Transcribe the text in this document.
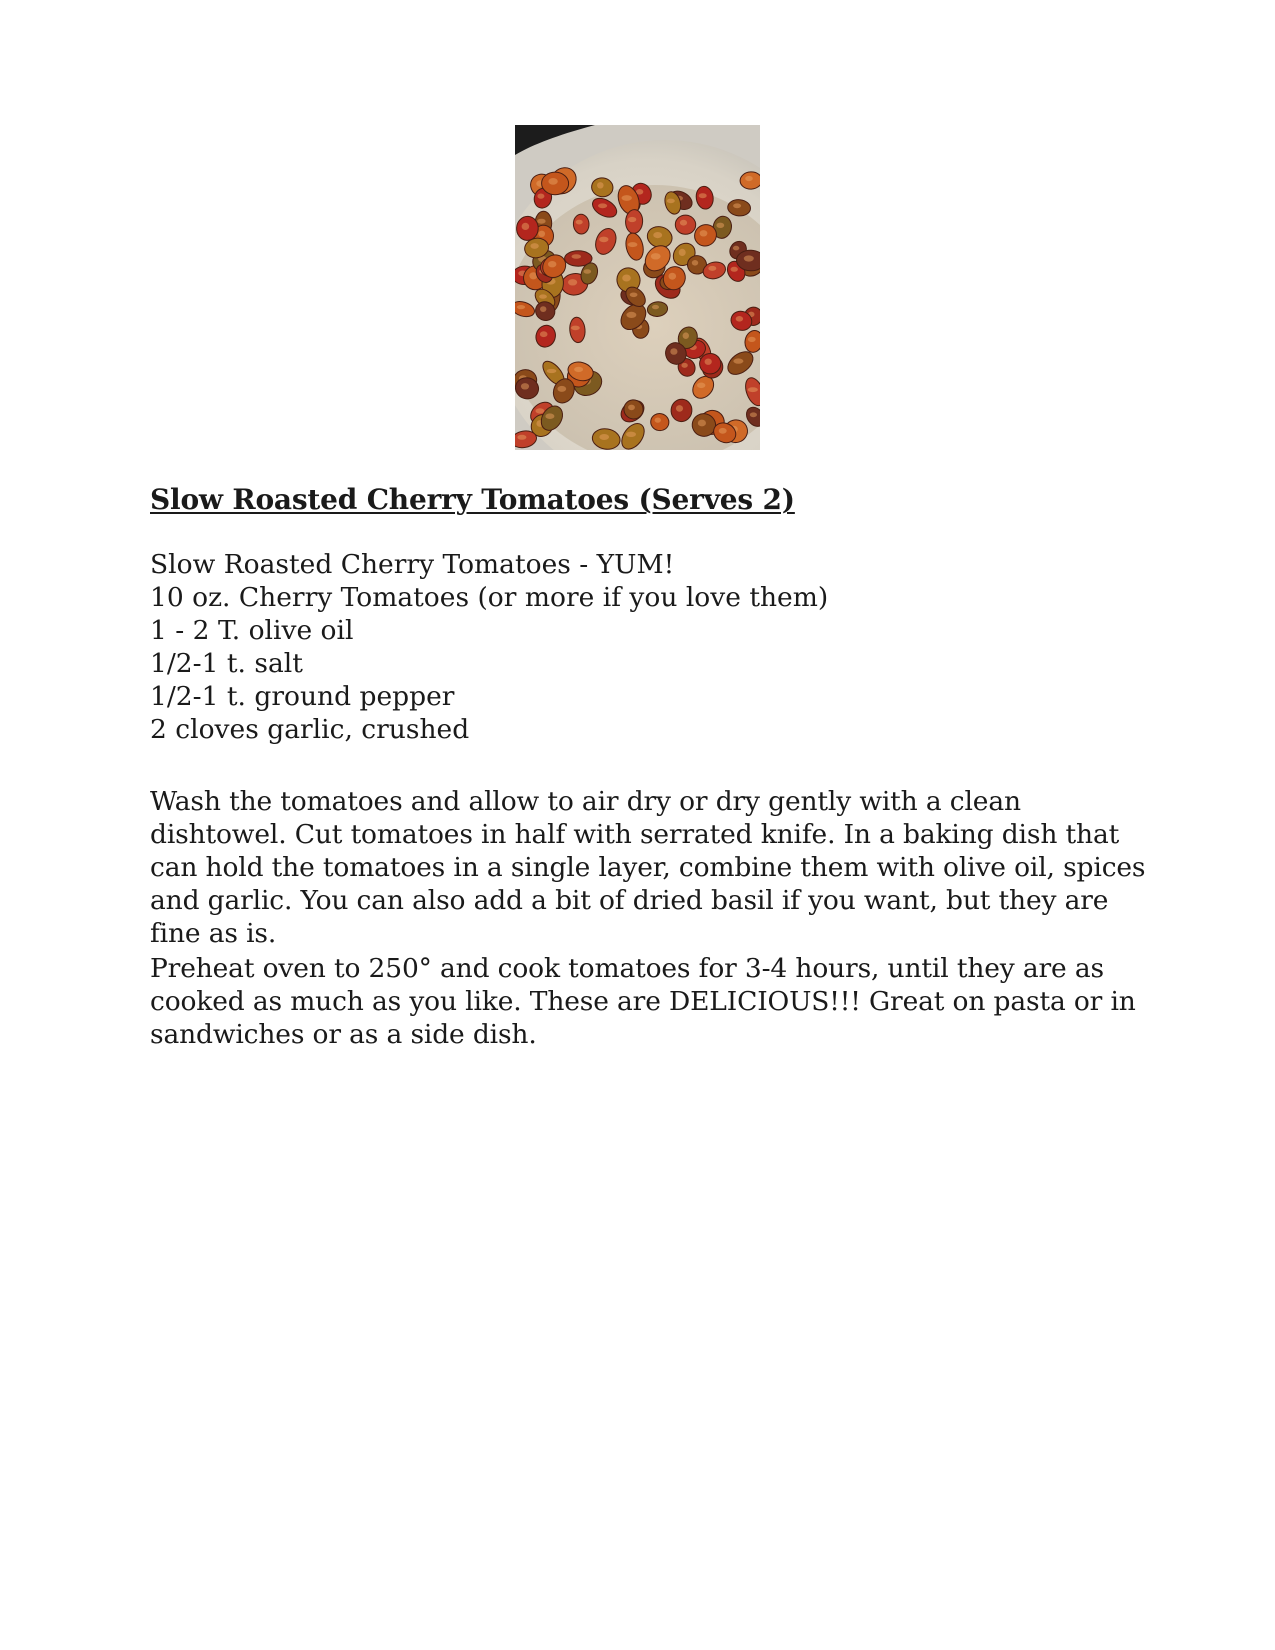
Slow Roasted Cherry Tomatoes (Serves 2)
Slow Roasted Cherry Tomatoes - YUM!
10 oz. Cherry Tomatoes (or more if you love them)
1 - 2 T. olive oil
1/2-1 t. salt
1/2-1 t. ground pepper
2 cloves garlic, crushed

Wash the tomatoes and allow to air dry or dry gently with a clean dishtowel. Cut tomatoes in half with serrated knife. In a baking dish that can hold the tomatoes in a single layer, combine them with olive oil, spices and garlic. You can also add a bit of dried basil if you want, but they are fine as is.

Preheat oven to 250° and cook tomatoes for 3-4 hours, until they are as cooked as much as you like. These are DELICIOUS!!! Great on pasta or in sandwiches or as a side dish.
